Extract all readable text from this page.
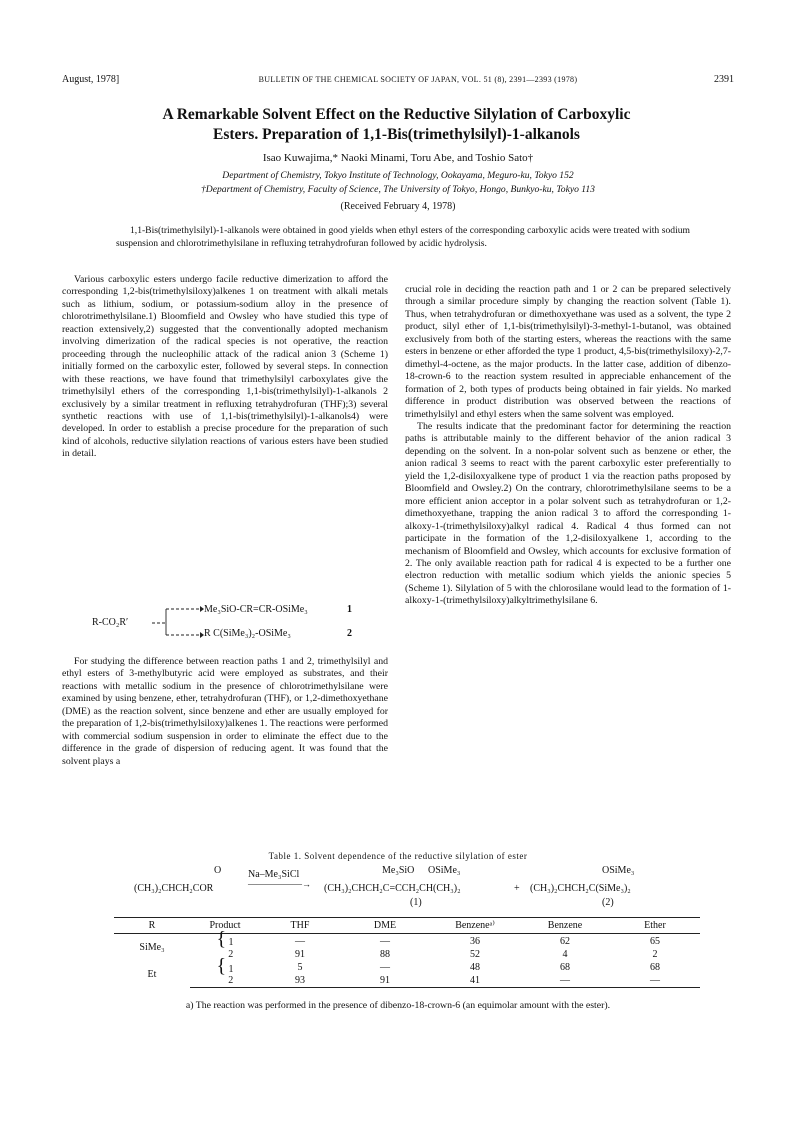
August, 1978]	BULLETIN OF THE CHEMICAL SOCIETY OF JAPAN, VOL. 51 (8), 2391—2393 (1978)	2391
A Remarkable Solvent Effect on the Reductive Silylation of Carboxylic
Esters. Preparation of 1,1-Bis(trimethylsilyl)-1-alkanols
Isao Kuwajima,* Naoki Minami, Toru Abe, and Toshio Sato†
Department of Chemistry, Tokyo Institute of Technology, Ookayama, Meguro-ku, Tokyo 152
†Department of Chemistry, Faculty of Science, The University of Tokyo, Hongo, Bunkyo-ku, Tokyo 113
(Received February 4, 1978)
1,1-Bis(trimethylsilyl)-1-alkanols were obtained in good yields when ethyl esters of the corresponding carboxylic acids were treated with sodium suspension and chlorotrimethylsilane in refluxing tetrahydrofuran followed by acidic hydrolysis.

Various carboxylic esters undergo facile reductive dimerization to afford the corresponding 1,2-bis(trimethylsiloxy)alkenes 1 on treatment with alkali metals such as lithium, sodium, or potassium-sodium alloy in the presence of chlorotrimethylsilane.1) Bloomfield and Owsley who have studied this type of reaction extensively,2) suggested that the conventionally adopted mechanism involving dimerization of the radical species is not operative, the reaction proceeding through the nucleophilic attack of the radical anion 3 (Scheme 1) initially formed on the carboxylic ester, followed by several steps. In connection with these reactions, we have found that trimethylsilyl carboxylates give the trimethylsilyl ethers of the corresponding 1,1-bis(trimethylsilyl)-1-alkanols 2 exclusively by a similar treatment in refluxing tetrahydrofuran (THF);3) several synthetic reactions with use of 1,1-bis(trimethylsilyl)-1-alkanols4) were developed. In order to establish a precise procedure for the preparation of such kind of alcohols, reductive silylation reactions of various esters have been studied in detail.

R-CO₂R′
Me₃SiO-CR=CR-OSiMe₃	1
R C(SiMe₃)₂-OSiMe₃	2

For studying the difference between reaction paths 1 and 2, trimethylsilyl and ethyl esters of 3-methylbutyric acid were employed as substrates, and their reactions with metallic sodium in the presence of chlorotrimethylsilane were examined by using benzene, ether, tetrahydrofuran (THF), or 1,2-dimethoxyethane (DME) as the reaction solvent, since benzene and ether are usually employed for the preparation of 1,2-bis(trimethylsiloxy)alkenes 1. The reactions were performed with commercial sodium suspension in order to eliminate the effect due to the difference in the grade of dispersion of reducing agent. It was found that the solvent plays a

crucial role in deciding the reaction path and 1 or 2 can be prepared selectively through a similar procedure simply by changing the reaction solvent (Table 1). Thus, when tetrahydrofuran or dimethoxyethane was used as a solvent, the type 2 product, silyl ether of 1,1-bis(trimethylsilyl)-3-methyl-1-butanol, was obtained exclusively from both of the starting esters, whereas the reactions with the same esters in benzene or ether afforded the type 1 product, 4,5-bis(trimethylsiloxy)-2,7-dimethyl-4-octene, as the major products. In the latter case, addition of dibenzo-18-crown-6 to the reaction system resulted in appreciable enhancement of the formation of 2, both types of products being obtained in fair yields. No marked difference in product distribution was observed between the reactions of trimethylsilyl and ethyl esters when the same solvent was employed.

The results indicate that the predominant factor for determining the reaction paths is attributable mainly to the different behavior of the anion radical 3 depending on the solvent. In a non-polar solvent such as benzene or ether, the anion radical 3 seems to react with the parent carboxylic ester preferentially to yield the 1,2-disiloxyalkene type of product 1 via the reaction paths proposed by Bloomfield and Owsley.2) On the contrary, chlorotrimethylsilane seems to be a more efficient anion acceptor in a polar solvent such as tetrahydrofuran or 1,2-dimethoxyethane, trapping the anion radical 3 to afford the corresponding 1-alkoxy-1-(trimethylsiloxy)alkyl radical 4. Radical 4 thus formed can not participate in the formation of the 1,2-disiloxyalkene 1, according to the mechanism of Bloomfield and Owsley, which accounts for exclusive formation of 2. The only available reaction path for radical 4 is expected to be a further one electron reduction with metallic sodium which yields the anionic species 5 (Scheme 1). Silylation of 5 with the chlorosilane would lead to the formation of 1-alkoxy-1-(trimethylsiloxy)alkyltrimethylsilane 6.

Table 1. Solvent dependence of the reductive silylation of ester
O	Na–Me₃SiCl	Me₃SiO OSiMe₃	OSiMe₃
(CH₃)₂CHCH₂COR	——————→ (CH₃)₂CHCH₂C=CCH₂CH(CH₃)₂	+ (CH₃)₂CHCH₂C(SiMe₃)₂
(1)	(2)
R	Product	THF	DME	Benzeneᵃ⁾	Benzene	Ether
SiMe₃	{ 1	—	—	36	62	65
	2	91	88	52	4	2
Et	{ 1	5	—	48	68	68
	2	93	91	41	—	—
a) The reaction was performed in the presence of dibenzo-18-crown-6 (an equimolar amount with the ester).
